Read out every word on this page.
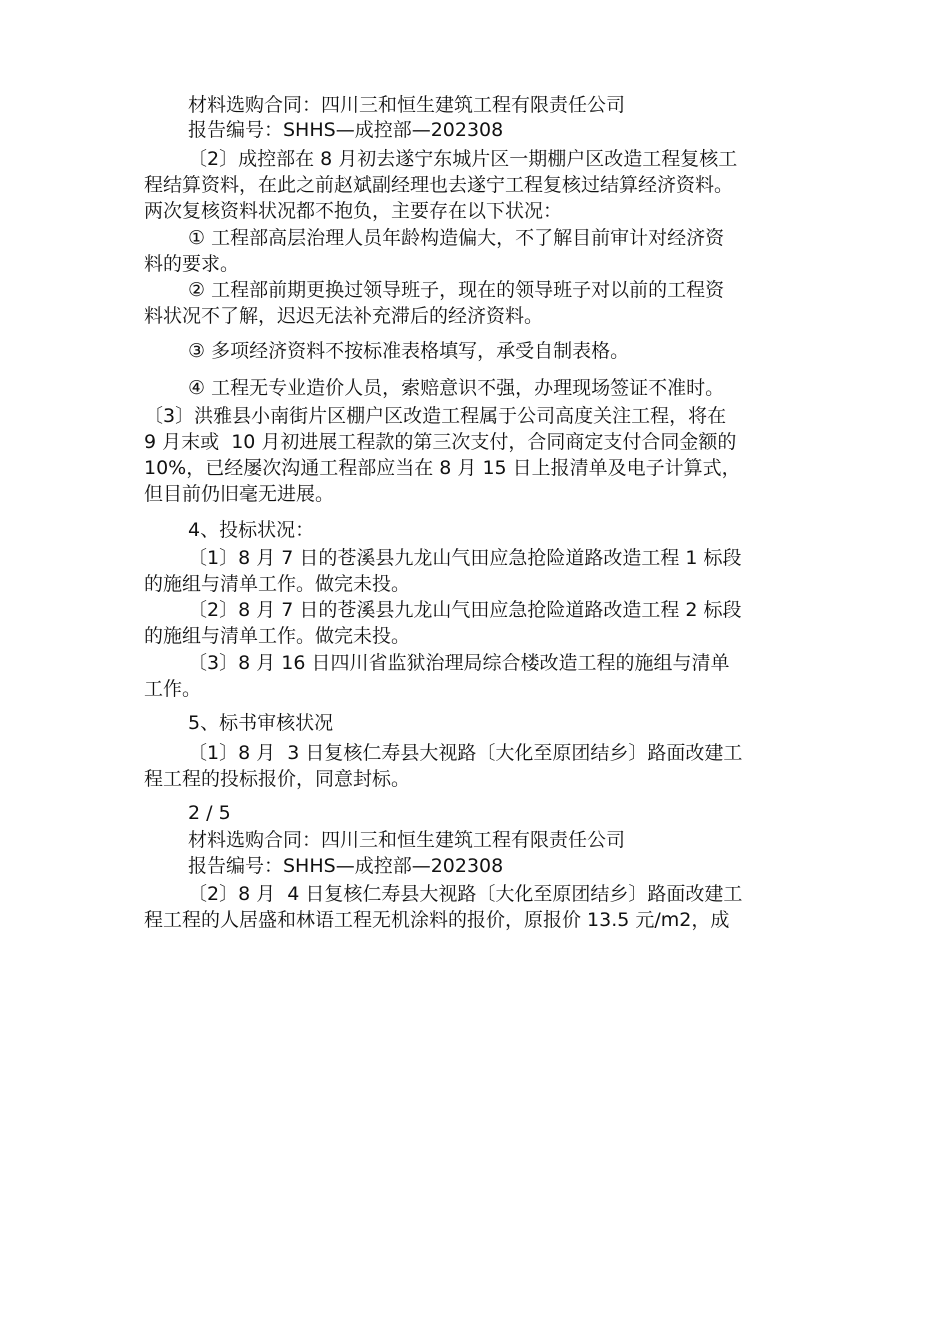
材料选购合同：四川三和恒生建筑工程有限责任公司
报告编号：SHHS—成控部—202308
〔2〕成控部在 8 月初去遂宁东城片区一期棚户区改造工程复核工
程结算资料，在此之前赵斌副经理也去遂宁工程复核过结算经济资料。
两次复核资料状况都不抱负，主要存在以下状况：
① 工程部高层治理人员年龄构造偏大，不了解目前审计对经济资
料的要求。
② 工程部前期更换过领导班子，现在的领导班子对以前的工程资
料状况不了解，迟迟无法补充滞后的经济资料。
③ 多项经济资料不按标准表格填写，承受自制表格。
④ 工程无专业造价人员，索赔意识不强，办理现场签证不准时。
〔3〕洪雅县小南街片区棚户区改造工程属于公司高度关注工程，将在
9 月末或  10 月初进展工程款的第三次支付，合同商定支付合同金额的
10%，已经屡次沟通工程部应当在 8 月 15 日上报清单及电子计算式，
但目前仍旧毫无进展。
4、投标状况：
〔1〕8 月 7 日的苍溪县九龙山气田应急抢险道路改造工程 1 标段
的施组与清单工作。做完未投。
〔2〕8 月 7 日的苍溪县九龙山气田应急抢险道路改造工程 2 标段
的施组与清单工作。做完未投。
〔3〕8 月 16 日四川省监狱治理局综合楼改造工程的施组与清单
工作。
5、标书审核状况
〔1〕8 月  3 日复核仁寿县大视路〔大化至原团结乡〕路面改建工
程工程的投标报价，同意封标。
2 / 5
材料选购合同：四川三和恒生建筑工程有限责任公司
报告编号：SHHS—成控部—202308
〔2〕8 月  4 日复核仁寿县大视路〔大化至原团结乡〕路面改建工
程工程的人居盛和林语工程无机涂料的报价，原报价 13.5 元/m2，成
